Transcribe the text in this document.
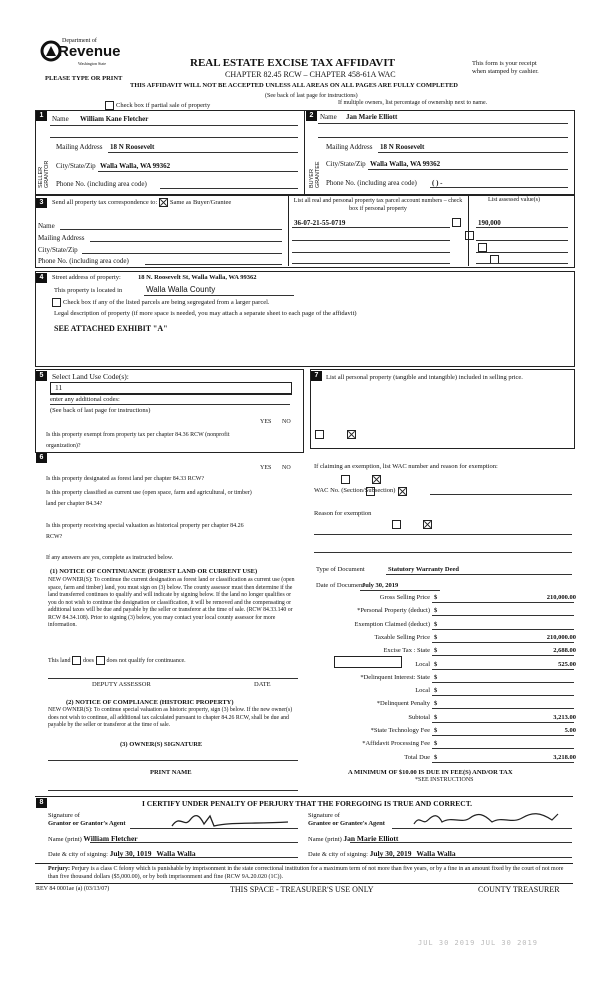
Department of
Revenue
Washington State
PLEASE TYPE OR PRINT
REAL ESTATE EXCISE TAX AFFIDAVIT
CHAPTER 82.45 RCW – CHAPTER 458-61A WAC
THIS AFFIDAVIT WILL NOT BE ACCEPTED UNLESS ALL AREAS ON ALL PAGES ARE FULLY COMPLETED
This form is your receipt
when stamped by cashier.
(See back of last page for instructions)
Check box if partial sale of property	If multiple owners, list percentage of ownership next to name.
1
SELLER GRANTOR
Name William Kane Fletcher
Mailing Address 18 N Roosevelt
City/State/Zip Walla Walla, WA 99362
Phone No. (including area code)
2
BUYER GRANTEE
Name Jan Marie Elliott
Mailing Address 18 N Roosevelt
City/State/Zip Walla Walla, WA 99362
Phone No. (including area code) ( ) -
3	Send all property tax correspondence to: Same as Buyer/Grantee
Name
Mailing Address
City/State/Zip
Phone No. (including area code)
List all real and personal property tax parcel account numbers – check box if personal property
List assessed value(s)
36-07-21-55-0719	190,000

4	Street address of property:	18 N. Roosevelt St, Walla Walla, WA 99362
This property is located in	Walla Walla County
Check box if any of the listed parcels are being segregated from a larger parcel.
Legal description of property (if more space is needed, you may attach a separate sheet to each page of the affidavit)
SEE ATTACHED EXHIBIT "A"
5	Select Land Use Code(s):
11
enter any additional codes:
(See back of last page for instructions)
YES NO
Is this property exempt from property tax per chapter 84.36 RCW (nonprofit organization)?

6
YES NO
Is this property designated as forest land per chapter 84.33 RCW?

Is this property classified as current use (open space, farm and agricultural, or timber) land per chapter 84.34?

Is this property receiving special valuation as historical property per chapter 84.26 RCW?

If any answers are yes, complete as instructed below.
(1) NOTICE OF CONTINUANCE (FOREST LAND OR CURRENT USE)
NEW OWNER(S): To continue the current designation as forest land or classification as current use (open space, farm and timber) land, you must sign on (3) below. The county assessor must then determine if the land transferred continues to qualify and will indicate by signing below. If the land no longer qualifies or you do not wish to continue the designation or classification, it will be removed and the compensating or additional taxes will be due and payable by the seller or transferor at the time of sale. (RCW 84.33.140 or RCW 84.34.108). Prior to signing (3) below, you may contact your local county assessor for more information.
This land does does not qualify for continuance.
DEPUTY ASSESSOR	DATE
(2) NOTICE OF COMPLIANCE (HISTORIC PROPERTY)
NEW OWNER(S): To continue special valuation as historic property, sign (3) below. If the new owner(s) does not wish to continue, all additional tax calculated pursuant to chapter 84.26 RCW, shall be due and payable by the seller or transferor at the time of sale.
(3) OWNER(S) SIGNATURE
PRINT NAME
7	List all personal property (tangible and intangible) included in selling price.
If claiming an exemption, list WAC number and reason for exemption:
WAC No. (Section/Subsection)
Reason for exemption
Type of Document	Statutory Warranty Deed
Date of Document
July 30, 2019
Gross Selling Price $	210,000.00
*Personal Property (deduct) $
Exemption Claimed (deduct) $
Taxable Selling Price $	210,000.00
Excise Tax : State $	2,688.00
Local $	525.00
*Delinquent Interest: State $
Local $
*Delinquent Penalty $
Subtotal $	3,213.00
*State Technology Fee $	5.00
*Affidavit Processing Fee $
Total Due $	3,218.00
A MINIMUM OF $10.00 IS DUE IN FEE(S) AND/OR TAX
*SEE INSTRUCTIONS
8	I CERTIFY UNDER PENALTY OF PERJURY THAT THE FOREGOING IS TRUE AND CORRECT.
Signature of
Grantor or Grantor's Agent
Name (print) William Fletcher
Date & city of signing: July 30, 1019 Walla Walla
Signature of
Grantee or Grantee's Agent
Name (print) Jan Marie Elliott
Date & city of signing: July 30, 2019 Walla Walla
Perjury: Perjury is a class C felony which is punishable by imprisonment in the state correctional institution for a maximum term of not more than five years, or by a fine in an amount fixed by the court of not more than five thousand dollars ($5,000.00), or by both imprisonment and fine (RCW 9A.20.020 (1C)).
REV 84 0001ae (a) (03/13/07)	THIS SPACE - TREASURER'S USE ONLY	COUNTY TREASURER
JUL 30 2019 JUL 30 2019
